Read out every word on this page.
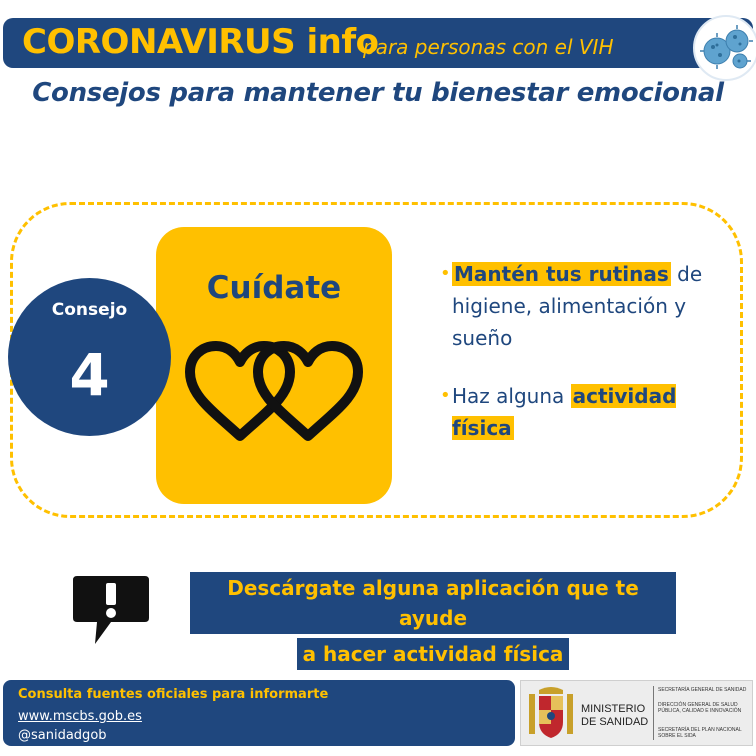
CORONAVIRUS info
para personas con el VIH
Consejos para mantener tu bienestar emocional
Cuídate
Consejo
4
• Mantén tus rutinas de higiene, alimentación y sueño
• Haz alguna actividad física
Descárgate alguna aplicación que te ayude
a hacer actividad física
Consulta fuentes oficiales para informarte
www.mscbs.gob.es
@sanidadgob
MINISTERIO
DE SANIDAD
SECRETARÍA GENERAL DE SANIDAD
DIRECCIÓN GENERAL DE SALUD PÚBLICA, CALIDAD E INNOVACIÓN
SECRETARÍA DEL PLAN NACIONAL SOBRE EL SIDA
